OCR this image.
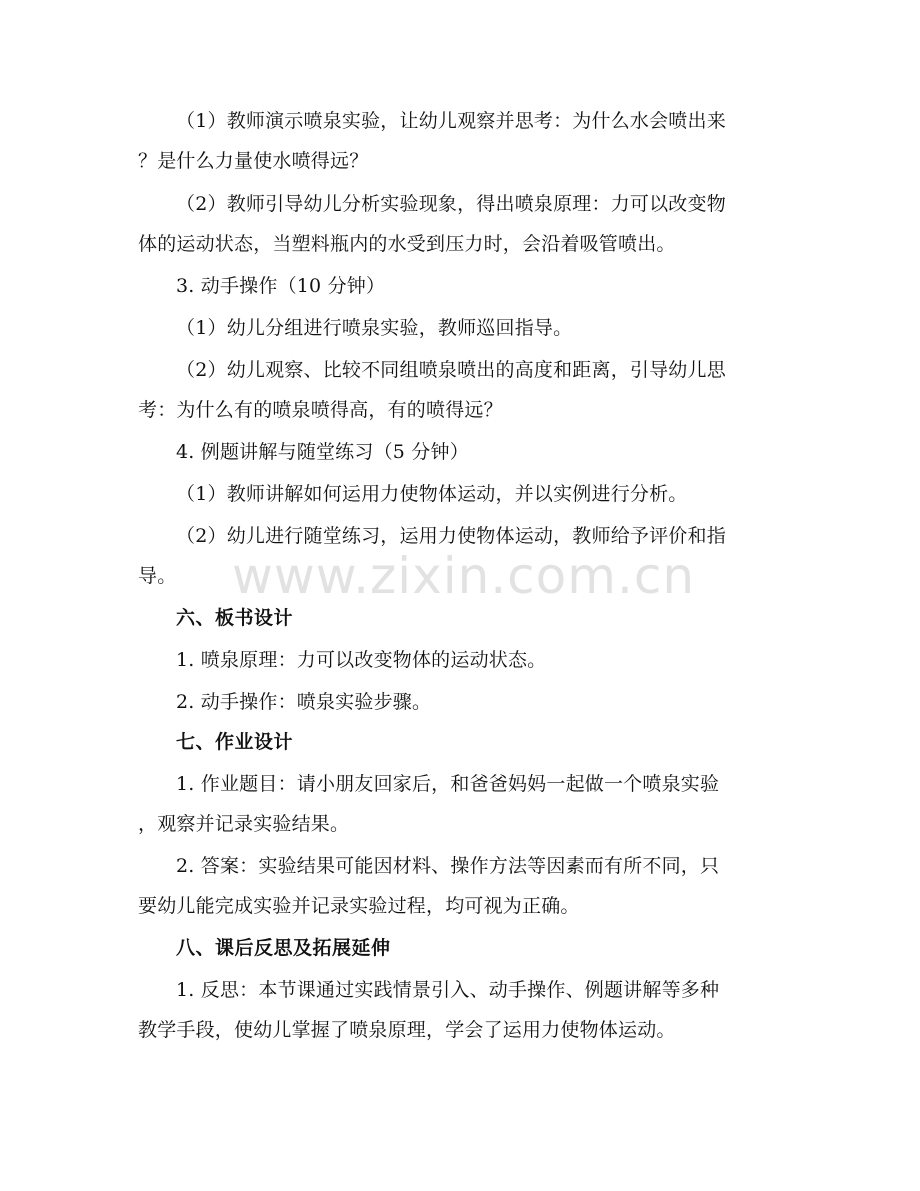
（1）教师演示喷泉实验，让幼儿观察并思考：为什么水会喷出来
？是什么力量使水喷得远？

（2）教师引导幼儿分析实验现象，得出喷泉原理：力可以改变物
体的运动状态，当塑料瓶内的水受到压力时，会沿着吸管喷出。

3. 动手操作（10 分钟）

（1）幼儿分组进行喷泉实验，教师巡回指导。

（2）幼儿观察、比较不同组喷泉喷出的高度和距离，引导幼儿思
考：为什么有的喷泉喷得高，有的喷得远？

4. 例题讲解与随堂练习（5 分钟）

（1）教师讲解如何运用力使物体运动，并以实例进行分析。

（2）幼儿进行随堂练习，运用力使物体运动，教师给予评价和指
导。

六、板书设计

1. 喷泉原理：力可以改变物体的运动状态。

2. 动手操作：喷泉实验步骤。

七、作业设计

1. 作业题目：请小朋友回家后，和爸爸妈妈一起做一个喷泉实验
，观察并记录实验结果。

2. 答案：实验结果可能因材料、操作方法等因素而有所不同，只
要幼儿能完成实验并记录实验过程，均可视为正确。

八、课后反思及拓展延伸

1. 反思：本节课通过实践情景引入、动手操作、例题讲解等多种
教学手段，使幼儿掌握了喷泉原理，学会了运用力使物体运动。

www.zixin.com.cn
